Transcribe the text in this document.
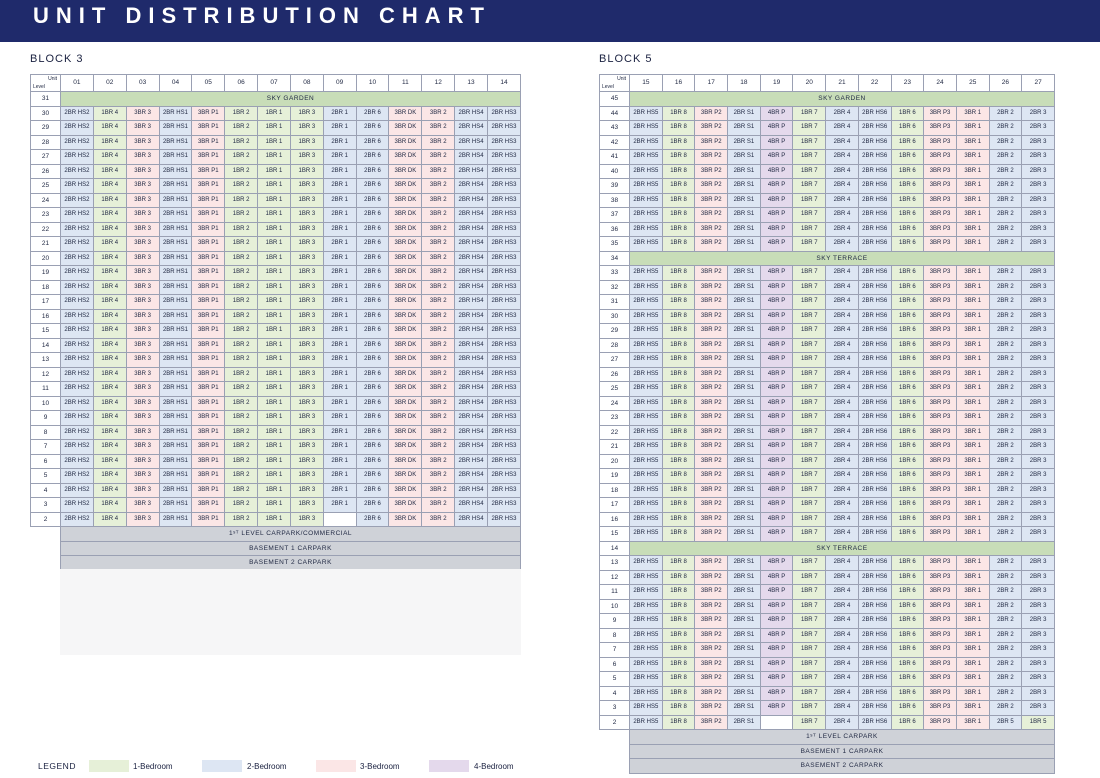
UNIT DISTRIBUTION CHART
BLOCK 3	BLOCK 5
Unit
Level	01	02	03	04	05	06	07	08	09	10	11	12	13	14
31	SKY GARDEN													
30	2BR HS2	1BR 4	3BR 3	2BR HS1	3BR P1	1BR 2	1BR 1	1BR 3	2BR 1	2BR 6	3BR DK	3BR 2	2BR HS4	2BR HS3
29	2BR HS2	1BR 4	3BR 3	2BR HS1	3BR P1	1BR 2	1BR 1	1BR 3	2BR 1	2BR 6	3BR DK	3BR 2	2BR HS4	2BR HS3
28	2BR HS2	1BR 4	3BR 3	2BR HS1	3BR P1	1BR 2	1BR 1	1BR 3	2BR 1	2BR 6	3BR DK	3BR 2	2BR HS4	2BR HS3
27	2BR HS2	1BR 4	3BR 3	2BR HS1	3BR P1	1BR 2	1BR 1	1BR 3	2BR 1	2BR 6	3BR DK	3BR 2	2BR HS4	2BR HS3
26	2BR HS2	1BR 4	3BR 3	2BR HS1	3BR P1	1BR 2	1BR 1	1BR 3	2BR 1	2BR 6	3BR DK	3BR 2	2BR HS4	2BR HS3
25	2BR HS2	1BR 4	3BR 3	2BR HS1	3BR P1	1BR 2	1BR 1	1BR 3	2BR 1	2BR 6	3BR DK	3BR 2	2BR HS4	2BR HS3
24	2BR HS2	1BR 4	3BR 3	2BR HS1	3BR P1	1BR 2	1BR 1	1BR 3	2BR 1	2BR 6	3BR DK	3BR 2	2BR HS4	2BR HS3
23	2BR HS2	1BR 4	3BR 3	2BR HS1	3BR P1	1BR 2	1BR 1	1BR 3	2BR 1	2BR 6	3BR DK	3BR 2	2BR HS4	2BR HS3
22	2BR HS2	1BR 4	3BR 3	2BR HS1	3BR P1	1BR 2	1BR 1	1BR 3	2BR 1	2BR 6	3BR DK	3BR 2	2BR HS4	2BR HS3
21	2BR HS2	1BR 4	3BR 3	2BR HS1	3BR P1	1BR 2	1BR 1	1BR 3	2BR 1	2BR 6	3BR DK	3BR 2	2BR HS4	2BR HS3
20	2BR HS2	1BR 4	3BR 3	2BR HS1	3BR P1	1BR 2	1BR 1	1BR 3	2BR 1	2BR 6	3BR DK	3BR 2	2BR HS4	2BR HS3
19	2BR HS2	1BR 4	3BR 3	2BR HS1	3BR P1	1BR 2	1BR 1	1BR 3	2BR 1	2BR 6	3BR DK	3BR 2	2BR HS4	2BR HS3
18	2BR HS2	1BR 4	3BR 3	2BR HS1	3BR P1	1BR 2	1BR 1	1BR 3	2BR 1	2BR 6	3BR DK	3BR 2	2BR HS4	2BR HS3
17	2BR HS2	1BR 4	3BR 3	2BR HS1	3BR P1	1BR 2	1BR 1	1BR 3	2BR 1	2BR 6	3BR DK	3BR 2	2BR HS4	2BR HS3
16	2BR HS2	1BR 4	3BR 3	2BR HS1	3BR P1	1BR 2	1BR 1	1BR 3	2BR 1	2BR 6	3BR DK	3BR 2	2BR HS4	2BR HS3
15	2BR HS2	1BR 4	3BR 3	2BR HS1	3BR P1	1BR 2	1BR 1	1BR 3	2BR 1	2BR 6	3BR DK	3BR 2	2BR HS4	2BR HS3
14	2BR HS2	1BR 4	3BR 3	2BR HS1	3BR P1	1BR 2	1BR 1	1BR 3	2BR 1	2BR 6	3BR DK	3BR 2	2BR HS4	2BR HS3
13	2BR HS2	1BR 4	3BR 3	2BR HS1	3BR P1	1BR 2	1BR 1	1BR 3	2BR 1	2BR 6	3BR DK	3BR 2	2BR HS4	2BR HS3
12	2BR HS2	1BR 4	3BR 3	2BR HS1	3BR P1	1BR 2	1BR 1	1BR 3	2BR 1	2BR 6	3BR DK	3BR 2	2BR HS4	2BR HS3
11	2BR HS2	1BR 4	3BR 3	2BR HS1	3BR P1	1BR 2	1BR 1	1BR 3	2BR 1	2BR 6	3BR DK	3BR 2	2BR HS4	2BR HS3
10	2BR HS2	1BR 4	3BR 3	2BR HS1	3BR P1	1BR 2	1BR 1	1BR 3	2BR 1	2BR 6	3BR DK	3BR 2	2BR HS4	2BR HS3
9	2BR HS2	1BR 4	3BR 3	2BR HS1	3BR P1	1BR 2	1BR 1	1BR 3	2BR 1	2BR 6	3BR DK	3BR 2	2BR HS4	2BR HS3
8	2BR HS2	1BR 4	3BR 3	2BR HS1	3BR P1	1BR 2	1BR 1	1BR 3	2BR 1	2BR 6	3BR DK	3BR 2	2BR HS4	2BR HS3
7	2BR HS2	1BR 4	3BR 3	2BR HS1	3BR P1	1BR 2	1BR 1	1BR 3	2BR 1	2BR 6	3BR DK	3BR 2	2BR HS4	2BR HS3
6	2BR HS2	1BR 4	3BR 3	2BR HS1	3BR P1	1BR 2	1BR 1	1BR 3	2BR 1	2BR 6	3BR DK	3BR 2	2BR HS4	2BR HS3
5	2BR HS2	1BR 4	3BR 3	2BR HS1	3BR P1	1BR 2	1BR 1	1BR 3	2BR 1	2BR 6	3BR DK	3BR 2	2BR HS4	2BR HS3
4	2BR HS2	1BR 4	3BR 3	2BR HS1	3BR P1	1BR 2	1BR 1	1BR 3	2BR 1	2BR 6	3BR DK	3BR 2	2BR HS4	2BR HS3
3	2BR HS2	1BR 4	3BR 3	2BR HS1	3BR P1	1BR 2	1BR 1	1BR 3	2BR 1	2BR 6	3BR DK	3BR 2	2BR HS4	2BR HS3
2	2BR HS2	1BR 4	3BR 3	2BR HS1	3BR P1	1BR 2	1BR 1	1BR 3		2BR 6	3BR DK	3BR 2	2BR HS4	2BR HS3
	1ˢᵀ LEVEL CARPARK/COMMERCIAL													
	BASEMENT 1 CARPARK													
	BASEMENT 2 CARPARK													
Unit
Level	15	16	17	18	19	20	21	22	23	24	25	26	27
45	SKY GARDEN												
44	2BR HS5	1BR 8	3BR P2	2BR S1	4BR P	1BR 7	2BR 4	2BR HS6	1BR 6	3BR P3	3BR 1	2BR 2	2BR 3
43	2BR HS5	1BR 8	3BR P2	2BR S1	4BR P	1BR 7	2BR 4	2BR HS6	1BR 6	3BR P3	3BR 1	2BR 2	2BR 3
42	2BR HS5	1BR 8	3BR P2	2BR S1	4BR P	1BR 7	2BR 4	2BR HS6	1BR 6	3BR P3	3BR 1	2BR 2	2BR 3
41	2BR HS5	1BR 8	3BR P2	2BR S1	4BR P	1BR 7	2BR 4	2BR HS6	1BR 6	3BR P3	3BR 1	2BR 2	2BR 3
40	2BR HS5	1BR 8	3BR P2	2BR S1	4BR P	1BR 7	2BR 4	2BR HS6	1BR 6	3BR P3	3BR 1	2BR 2	2BR 3
39	2BR HS5	1BR 8	3BR P2	2BR S1	4BR P	1BR 7	2BR 4	2BR HS6	1BR 6	3BR P3	3BR 1	2BR 2	2BR 3
38	2BR HS5	1BR 8	3BR P2	2BR S1	4BR P	1BR 7	2BR 4	2BR HS6	1BR 6	3BR P3	3BR 1	2BR 2	2BR 3
37	2BR HS5	1BR 8	3BR P2	2BR S1	4BR P	1BR 7	2BR 4	2BR HS6	1BR 6	3BR P3	3BR 1	2BR 2	2BR 3
36	2BR HS5	1BR 8	3BR P2	2BR S1	4BR P	1BR 7	2BR 4	2BR HS6	1BR 6	3BR P3	3BR 1	2BR 2	2BR 3
35	2BR HS5	1BR 8	3BR P2	2BR S1	4BR P	1BR 7	2BR 4	2BR HS6	1BR 6	3BR P3	3BR 1	2BR 2	2BR 3
34	SKY TERRACE												
33	2BR HS5	1BR 8	3BR P2	2BR S1	4BR P	1BR 7	2BR 4	2BR HS6	1BR 6	3BR P3	3BR 1	2BR 2	2BR 3
32	2BR HS5	1BR 8	3BR P2	2BR S1	4BR P	1BR 7	2BR 4	2BR HS6	1BR 6	3BR P3	3BR 1	2BR 2	2BR 3
31	2BR HS5	1BR 8	3BR P2	2BR S1	4BR P	1BR 7	2BR 4	2BR HS6	1BR 6	3BR P3	3BR 1	2BR 2	2BR 3
30	2BR HS5	1BR 8	3BR P2	2BR S1	4BR P	1BR 7	2BR 4	2BR HS6	1BR 6	3BR P3	3BR 1	2BR 2	2BR 3
29	2BR HS5	1BR 8	3BR P2	2BR S1	4BR P	1BR 7	2BR 4	2BR HS6	1BR 6	3BR P3	3BR 1	2BR 2	2BR 3
28	2BR HS5	1BR 8	3BR P2	2BR S1	4BR P	1BR 7	2BR 4	2BR HS6	1BR 6	3BR P3	3BR 1	2BR 2	2BR 3
27	2BR HS5	1BR 8	3BR P2	2BR S1	4BR P	1BR 7	2BR 4	2BR HS6	1BR 6	3BR P3	3BR 1	2BR 2	2BR 3
26	2BR HS5	1BR 8	3BR P2	2BR S1	4BR P	1BR 7	2BR 4	2BR HS6	1BR 6	3BR P3	3BR 1	2BR 2	2BR 3
25	2BR HS5	1BR 8	3BR P2	2BR S1	4BR P	1BR 7	2BR 4	2BR HS6	1BR 6	3BR P3	3BR 1	2BR 2	2BR 3
24	2BR HS5	1BR 8	3BR P2	2BR S1	4BR P	1BR 7	2BR 4	2BR HS6	1BR 6	3BR P3	3BR 1	2BR 2	2BR 3
23	2BR HS5	1BR 8	3BR P2	2BR S1	4BR P	1BR 7	2BR 4	2BR HS6	1BR 6	3BR P3	3BR 1	2BR 2	2BR 3
22	2BR HS5	1BR 8	3BR P2	2BR S1	4BR P	1BR 7	2BR 4	2BR HS6	1BR 6	3BR P3	3BR 1	2BR 2	2BR 3
21	2BR HS5	1BR 8	3BR P2	2BR S1	4BR P	1BR 7	2BR 4	2BR HS6	1BR 6	3BR P3	3BR 1	2BR 2	2BR 3
20	2BR HS5	1BR 8	3BR P2	2BR S1	4BR P	1BR 7	2BR 4	2BR HS6	1BR 6	3BR P3	3BR 1	2BR 2	2BR 3
19	2BR HS5	1BR 8	3BR P2	2BR S1	4BR P	1BR 7	2BR 4	2BR HS6	1BR 6	3BR P3	3BR 1	2BR 2	2BR 3
18	2BR HS5	1BR 8	3BR P2	2BR S1	4BR P	1BR 7	2BR 4	2BR HS6	1BR 6	3BR P3	3BR 1	2BR 2	2BR 3
17	2BR HS5	1BR 8	3BR P2	2BR S1	4BR P	1BR 7	2BR 4	2BR HS6	1BR 6	3BR P3	3BR 1	2BR 2	2BR 3
16	2BR HS5	1BR 8	3BR P2	2BR S1	4BR P	1BR 7	2BR 4	2BR HS6	1BR 6	3BR P3	3BR 1	2BR 2	2BR 3
15	2BR HS5	1BR 8	3BR P2	2BR S1	4BR P	1BR 7	2BR 4	2BR HS6	1BR 6	3BR P3	3BR 1	2BR 2	2BR 3
14	SKY TERRACE												
13	2BR HS5	1BR 8	3BR P2	2BR S1	4BR P	1BR 7	2BR 4	2BR HS6	1BR 6	3BR P3	3BR 1	2BR 2	2BR 3
12	2BR HS5	1BR 8	3BR P2	2BR S1	4BR P	1BR 7	2BR 4	2BR HS6	1BR 6	3BR P3	3BR 1	2BR 2	2BR 3
11	2BR HS5	1BR 8	3BR P2	2BR S1	4BR P	1BR 7	2BR 4	2BR HS6	1BR 6	3BR P3	3BR 1	2BR 2	2BR 3
10	2BR HS5	1BR 8	3BR P2	2BR S1	4BR P	1BR 7	2BR 4	2BR HS6	1BR 6	3BR P3	3BR 1	2BR 2	2BR 3
9	2BR HS5	1BR 8	3BR P2	2BR S1	4BR P	1BR 7	2BR 4	2BR HS6	1BR 6	3BR P3	3BR 1	2BR 2	2BR 3
8	2BR HS5	1BR 8	3BR P2	2BR S1	4BR P	1BR 7	2BR 4	2BR HS6	1BR 6	3BR P3	3BR 1	2BR 2	2BR 3
7	2BR HS5	1BR 8	3BR P2	2BR S1	4BR P	1BR 7	2BR 4	2BR HS6	1BR 6	3BR P3	3BR 1	2BR 2	2BR 3
6	2BR HS5	1BR 8	3BR P2	2BR S1	4BR P	1BR 7	2BR 4	2BR HS6	1BR 6	3BR P3	3BR 1	2BR 2	2BR 3
5	2BR HS5	1BR 8	3BR P2	2BR S1	4BR P	1BR 7	2BR 4	2BR HS6	1BR 6	3BR P3	3BR 1	2BR 2	2BR 3
4	2BR HS5	1BR 8	3BR P2	2BR S1	4BR P	1BR 7	2BR 4	2BR HS6	1BR 6	3BR P3	3BR 1	2BR 2	2BR 3
3	2BR HS5	1BR 8	3BR P2	2BR S1	4BR P	1BR 7	2BR 4	2BR HS6	1BR 6	3BR P3	3BR 1	2BR 2	2BR 3
2	2BR HS5	1BR 8	3BR P2	2BR S1		1BR 7	2BR 4	2BR HS6	1BR 6	3BR P3	3BR 1	2BR 5	1BR 5
	1ˢᵀ LEVEL CARPARK												
	BASEMENT 1 CARPARK												
	BASEMENT 2 CARPARK												
LEGEND	1-Bedroom	2-Bedroom	3-Bedroom	4-Bedroom
